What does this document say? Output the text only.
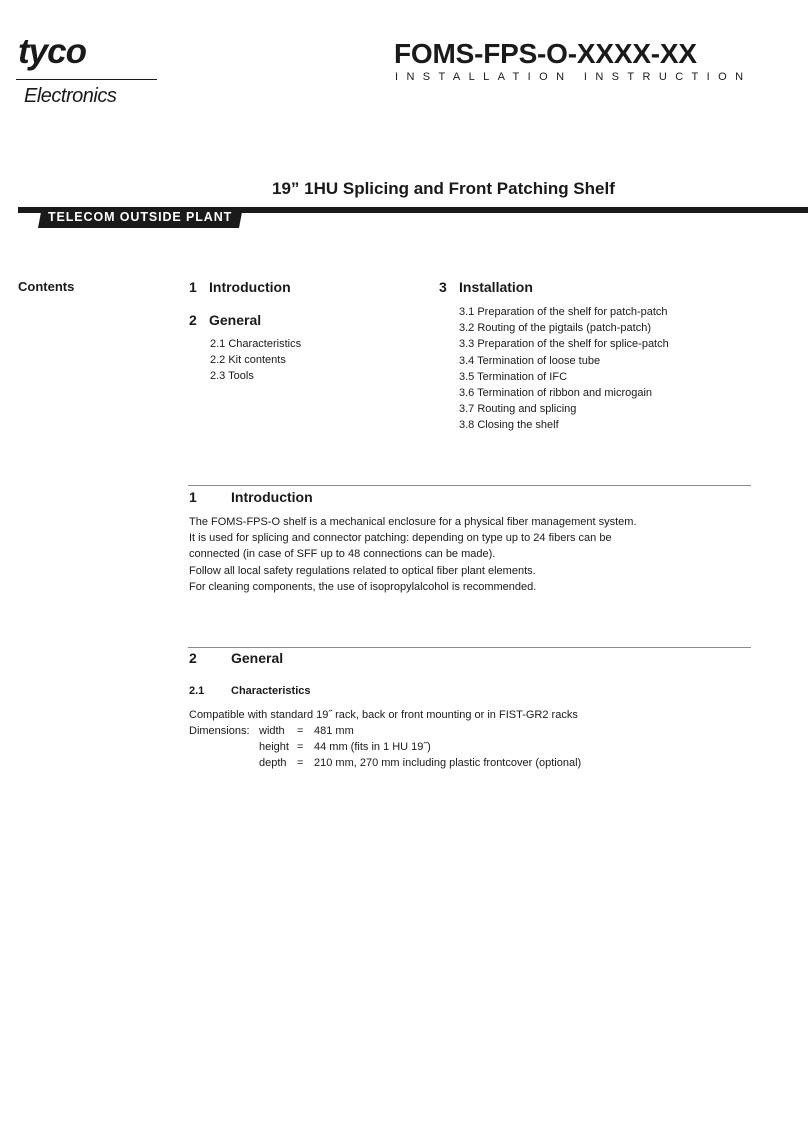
tyco
Electronics
FOMS-FPS-O-XXXX-XX
INSTALLATION INSTRUCTION
19” 1HU Splicing and Front Patching Shelf
TELECOM OUTSIDE PLANT
Contents	1 Introduction
2 General
2.1 Characteristics
2.2 Kit contents
2.3 Tools
3 Installation
3.1 Preparation of the shelf for patch-patch
3.2 Routing of the pigtails (patch-patch)
3.3 Preparation of the shelf for splice-patch
3.4 Termination of loose tube
3.5 Termination of IFC
3.6 Termination of ribbon and microgain
3.7 Routing and splicing
3.8 Closing the shelf
1 Introduction
The FOMS-FPS-O shelf is a mechanical enclosure for a physical fiber management system.
It is used for splicing and connector patching: depending on type up to 24 fibers can be
connected (in case of SFF up to 48 connections can be made).
Follow all local safety regulations related to optical fiber plant elements.
For cleaning components, the use of isopropylalcohol is recommended.
2 General
2.1 Characteristics
Compatible with standard 19˝ rack, back or front mounting or in FIST-GR2 racks
Dimensions: width = 481 mm
height = 44 mm (fits in 1 HU 19˝)
depth = 210 mm, 270 mm including plastic frontcover (optional)
